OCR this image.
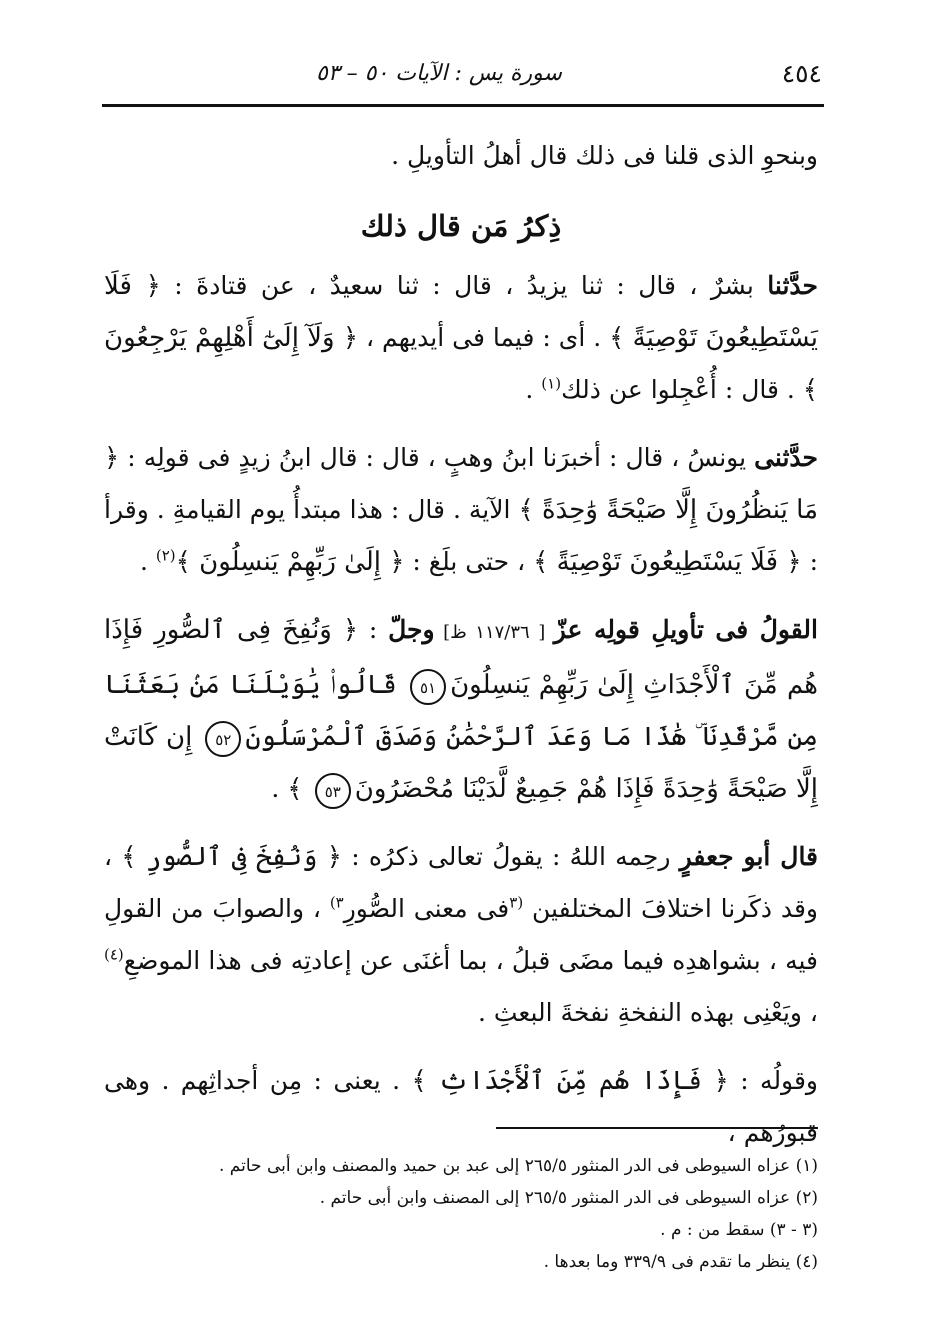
٤٥٤
سورة يس : الآيات ٥٠ – ٥٣

وبنحوِ الذى قلنا فى ذلك قال أهلُ التأويلِ .

ذِكرُ مَن قال ذلك

حدَّثنا بشرٌ ، قال : ثنا يزيدُ ، قال : ثنا سعيدٌ ، عن قتادةَ : ﴿ فَلَا يَسْتَطِيعُونَ تَوْصِيَةً ﴾ . أى : فيما فى أيديهم ، ﴿ وَلَآ إِلَىٰٓ أَهْلِهِمْ يَرْجِعُونَ ﴾ . قال : أُعْجِلوا عن ذلك$^{(١)}$ .

حدَّثنى يونسُ ، قال : أخبرَنا ابنُ وهبٍ ، قال : قال ابنُ زيدٍ فى قولِه : ﴿ مَا يَنظُرُونَ إِلَّا صَيْحَةً وَٰحِدَةً ﴾ الآية . قال : هذا مبتدأُ يوم القيامةِ . وقرأ : ﴿ فَلَا يَسْتَطِيعُونَ تَوْصِيَةً ﴾ ، حتى بلَغ : ﴿ إِلَىٰ رَبِّهِمْ يَنسِلُونَ ﴾$^{(٢)}$ .

القولُ فى تأويلِ قولِه عزّ [ ١١٧/٣٦ ظ] وجلّ : ﴿ وَنُفِخَ فِى ٱلصُّورِ فَإِذَا هُم مِّنَ ٱلْأَجْدَاثِ إِلَىٰ رَبِّهِمْ يَنسِلُونَ٥١ قَالُوا۟ يَٰوَيْلَنَا مَنۢ بَعَثَنَا مِن مَّرْقَدِنَا ۜ هَٰذَا مَا وَعَدَ ٱلرَّحْمَٰنُ وَصَدَقَ ٱلْمُرْسَلُونَ٥٢ إِن كَانَتْ إِلَّا صَيْحَةً وَٰحِدَةً فَإِذَا هُمْ جَمِيعٌ لَّدَيْنَا مُحْضَرُونَ٥٣ ﴾ .

قال أبو جعفرٍ رحِمه اللهُ : يقولُ تعالى ذكرُه : ﴿ وَنُفِخَ فِى ٱلصُّورِ ﴾ ، وقد ذكَرنا اختلافَ المختلفين $^{(٣}$فى معنى الصُّورِ$^{٣)}$ ، والصوابَ من القولِ فيه ، بشواهدِه فيما مضَى قبلُ ، بما أغنَى عن إعادتِه فى هذا الموضعِ$^{(٤)}$ ، ويَعْنِى بهذه النفخةِ نفخةَ البعثِ .

وقولُه : ﴿ فَإِذَا هُم مِّنَ ٱلْأَجْدَاثِ ﴾ . يعنى : مِن أجداثِهم . وهى قبورُهم ،

(١) عزاه السيوطى فى الدر المنثور ٢٦٥/٥ إلى عبد بن حميد والمصنف وابن أبى حاتم .
(٢) عزاه السيوطى فى الدر المنثور ٢٦٥/٥ إلى المصنف وابن أبى حاتم .
(٣ - ٣) سقط من : م .
(٤) ينظر ما تقدم فى ٣٣٩/٩ وما بعدها .
